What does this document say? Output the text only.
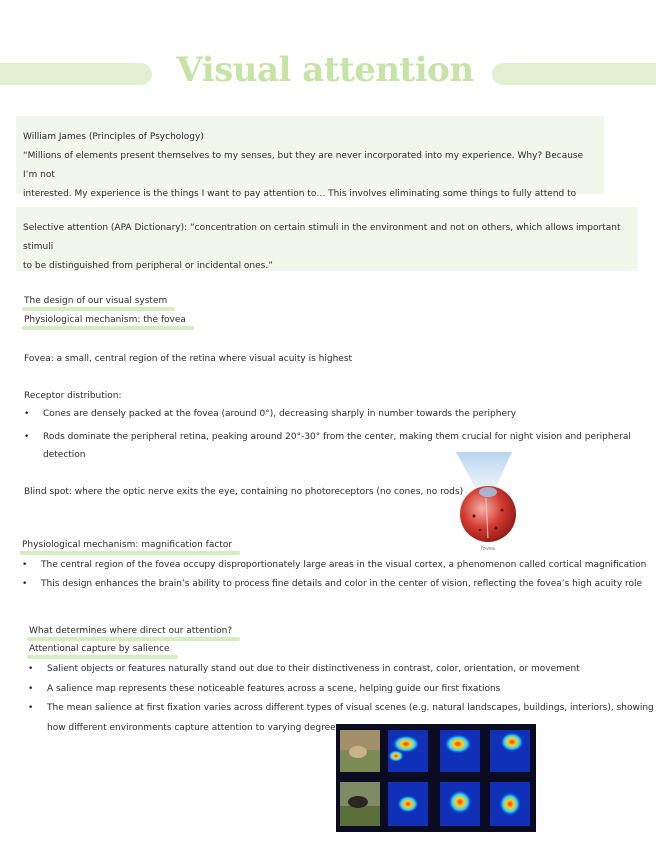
Visual attention
William James (Principles of Psychology)
“Millions of elements present themselves to my senses, but they are never incorporated into my experience. Why? Because I’m not
interested. My experience is the things I want to pay attention to… This involves eliminating some things to fully attend to
Selective attention (APA Dictionary): “concentration on certain stimuli in the environment and not on others, which allows important stimuli
to be distinguished from peripheral or incidental ones.”
The design of our visual system
Physiological mechanism: the fovea
Fovea: a small, central region of the retina where visual acuity is highest
Receptor distribution:
• Cones are densely packed at the fovea (around 0°), decreasing sharply in number towards the periphery
• Rods dominate the peripheral retina, peaking around 20°-30° from the center, making them crucial for night vision and peripheral
detection
Blind spot: where the optic nerve exits the eye, containing no photoreceptors (no cones, no rods)
fovea
Physiological mechanism: magnification factor
• The central region of the fovea occupy disproportionately large areas in the visual cortex, a phenomenon called cortical magnification
• This design enhances the brain’s ability to process fine details and color in the center of vision, reflecting the fovea’s high acuity role
What determines where direct our attention?
Attentional capture by salience
• Salient objects or features naturally stand out due to their distinctiveness in contrast, color, orientation, or movement
• A salience map represents these noticeable features across a scene, helping guide our first fixations
• The mean salience at first fixation varies across different types of visual scenes (e.g. natural landscapes, buildings, interiors), showing
how different environments capture attention to varying degrees
